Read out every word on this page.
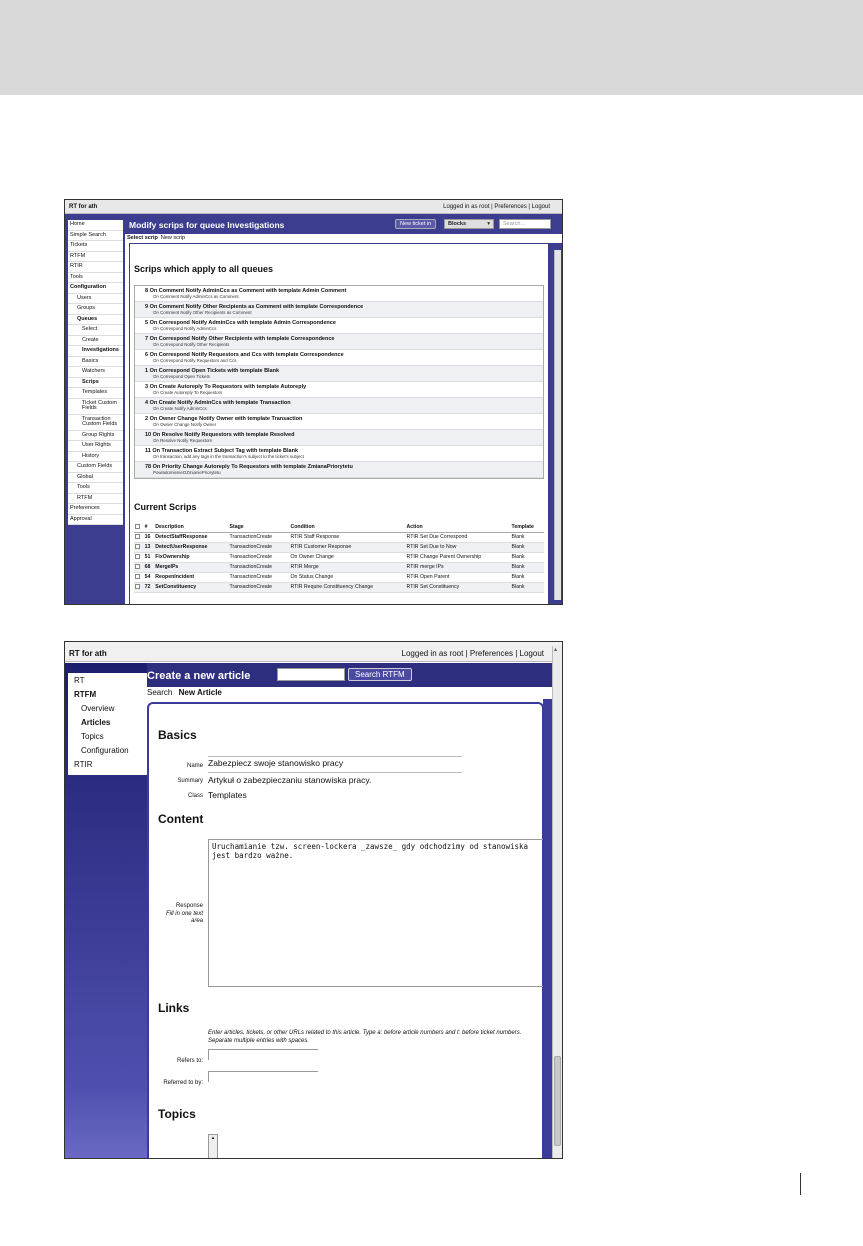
RT for ath	Logged in as root | Preferences | Logout
Home
Simple Search
Tickets
RTFM
RTIR
Tools
Configuration
Users
Groups
Queues
Select
Create
Investigations
Basics
Watchers
Scrips
Templates
Ticket Custom Fields
Transaction Custom Fields
Group Rights
User Rights
History
Custom Fields
Global
Tools
RTFM
Preferences
Approval
Modify scrips for queue Investigations	New ticket in	Blocks	▾	Search...
Select scrip New scrip
Scrips which apply to all queues
8 On Comment Notify AdminCcs as Comment with template Admin Comment
On Comment Notify AdminCcs as Comment
9 On Comment Notify Other Recipients as Comment with template Correspondence
On Comment Notify Other Recipients as Comment
5 On Correspond Notify AdminCcs with template Admin Correspondence
On Correspond Notify AdminCcs
7 On Correspond Notify Other Recipients with template Correspondence
On Correspond Notify Other Recipients
6 On Correspond Notify Requestors and Ccs with template Correspondence
On Correspond Notify Requestors and Ccs
1 On Correspond Open Tickets with template Blank
On Correspond Open Tickets
3 On Create Autoreply To Requestors with template Autoreply
On Create Autoreply To Requestors
4 On Create Notify AdminCcs with template Transaction
On Create Notify AdminCcs
2 On Owner Change Notify Owner with template Transaction
On Owner Change Notify Owner
10 On Resolve Notify Requestors with template Resolved
On Resolve Notify Requestors
11 On Transaction Extract Subject Tag with template Blank
On transaction, add any tags in the transaction's subject to the ticket's subject
78 On Priority Change Autoreply To Requestors with template ZmianaPriorytetu
PowiadomienieOZmianiePriorytetu
Current Scrips
	#	Description	Stage	Condition	Action	Template
	16	DetectStaffResponse	TransactionCreate	RTIR Staff Response	RTIR Set Due Correspond	Blank
	13	DetectUserResponse	TransactionCreate	RTIR Customer Response	RTIR Set Due to Now	Blank
	51	FixOwnership	TransactionCreate	On Owner Change	RTIR Change Parent Ownership	Blank
	68	MergeIPs	TransactionCreate	RTIR Merge	RTIR merge IPs	Blank
	54	ReopenIncident	TransactionCreate	On Status Change	RTIR Open Parent	Blank
	72	SetConstituency	TransactionCreate	RTIR Require Constituency Change	RTIR Set Constituency	Blank
RT for ath	Logged in as root | Preferences | Logout
RT
RTFM
Overview
Articles
Topics
Configuration
RTIR
Create a new article	Search RTFM
Search New Article
Basics
Name Zabezpiecz swoje stanowisko pracy
Summary Artykuł o zabezpieczaniu stanowiska pracy.
Class Templates
Content
Uruchamianie tzw. screen-lockera _zawsze_ gdy odchodzimy od stanowiska
jest bardzo ważne.
Response
Fill in one text area
Links
Enter articles, tickets, or other URLs related to this article. Type a: before article numbers and t: before ticket numbers. Separate multiple entries with spaces.
Refers to:
Referred to by:
Topics
▴
▴
